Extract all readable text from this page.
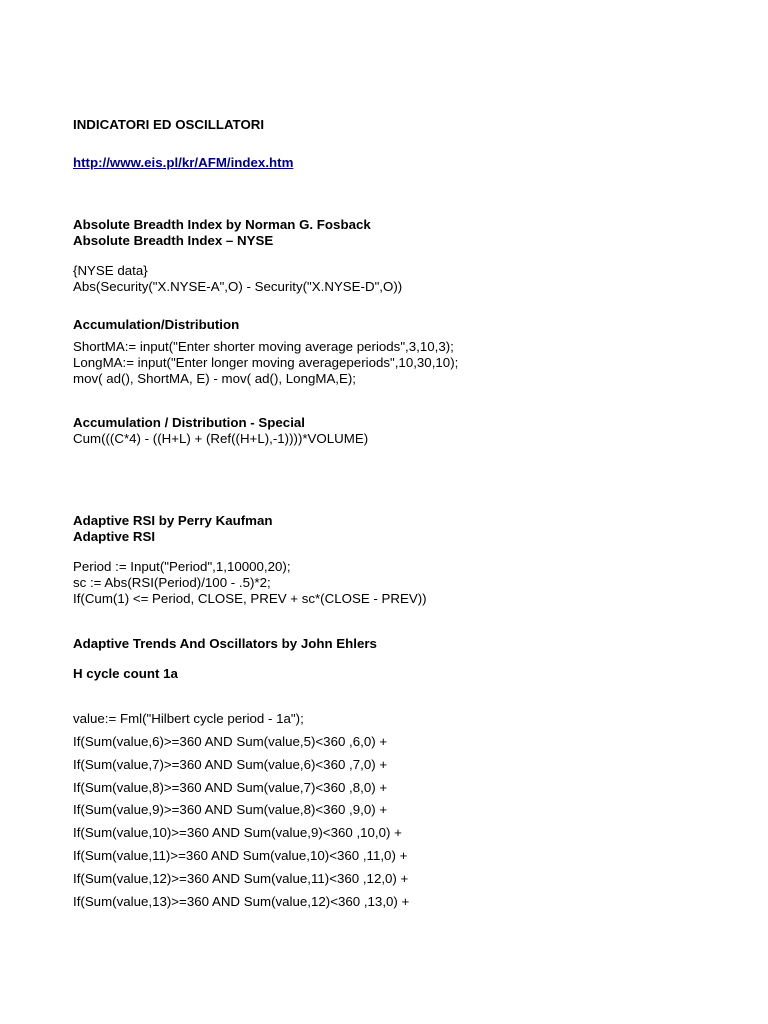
INDICATORI ED OSCILLATORI
http://www.eis.pl/kr/AFM/index.htm
Absolute Breadth Index by Norman G. Fosback
Absolute Breadth Index – NYSE
{NYSE data}
Abs(Security("X.NYSE-A",O) - Security("X.NYSE-D",O))
Accumulation/Distribution
ShortMA:= input("Enter shorter moving average periods",3,10,3);
LongMA:= input("Enter longer moving averageperiods",10,30,10);
mov( ad(), ShortMA, E) - mov( ad(), LongMA,E);
Accumulation / Distribution - Special
Cum(((C*4) - ((H+L) + (Ref((H+L),-1))))*VOLUME)
Adaptive RSI by Perry Kaufman
Adaptive RSI
Period := Input("Period",1,10000,20);
sc := Abs(RSI(Period)/100 - .5)*2;
If(Cum(1) <= Period, CLOSE, PREV + sc*(CLOSE - PREV))
Adaptive Trends And Oscillators by John Ehlers
H cycle count 1a
value:= Fml("Hilbert cycle period - 1a");
If(Sum(value,6)>=360 AND Sum(value,5)<360 ,6,0) +
If(Sum(value,7)>=360 AND Sum(value,6)<360 ,7,0) +
If(Sum(value,8)>=360 AND Sum(value,7)<360 ,8,0) +
If(Sum(value,9)>=360 AND Sum(value,8)<360 ,9,0) +
If(Sum(value,10)>=360 AND Sum(value,9)<360 ,10,0) +
If(Sum(value,11)>=360 AND Sum(value,10)<360 ,11,0) +
If(Sum(value,12)>=360 AND Sum(value,11)<360 ,12,0) +
If(Sum(value,13)>=360 AND Sum(value,12)<360 ,13,0) +
